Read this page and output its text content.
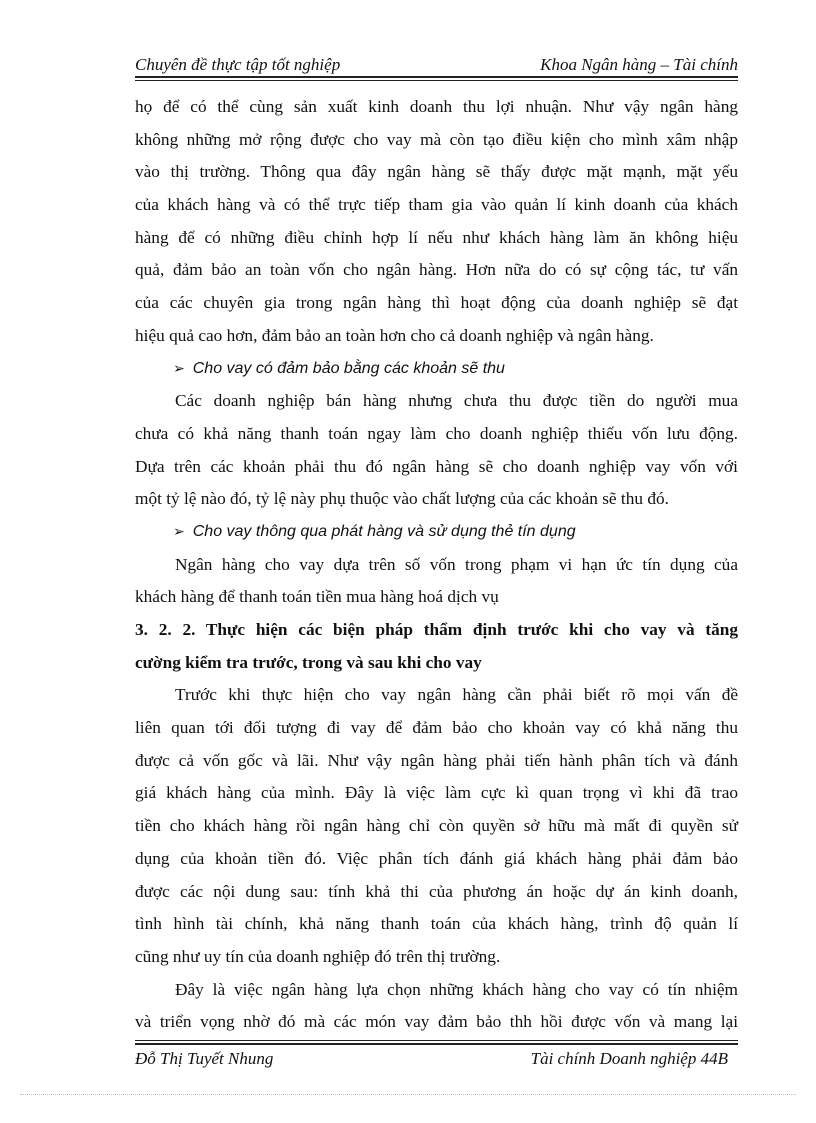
Chuyên đề thực tập tốt nghiệp	Khoa Ngân hàng – Tài chính
họ để có thể cùng sản xuất kinh doanh thu lợi nhuận. Như vậy ngân hàng
không những mở rộng được cho vay mà còn tạo điều kiện cho mình xâm nhập
vào thị trường. Thông qua đây ngân hàng sẽ thấy được mặt mạnh, mặt yếu
của khách hàng và có thể trực tiếp tham gia vào quản lí kinh doanh của khách
hàng để có những điều chỉnh hợp lí nếu như khách hàng làm ăn không hiệu
quả, đảm bảo an toàn vốn cho ngân hàng. Hơn nữa do có sự cộng tác, tư vấn
của các chuyên gia trong ngân hàng thì hoạt động của doanh nghiệp sẽ đạt
hiệu quả cao hơn, đảm bảo an toàn hơn cho cả doanh nghiệp và ngân hàng.
➢ Cho vay có đảm bảo bằng các khoản sẽ thu
Các doanh nghiệp bán hàng nhưng chưa thu được tiền do người mua
chưa có khả năng thanh toán ngay làm cho doanh nghiệp thiếu vốn lưu động.
Dựa trên các khoản phải thu đó ngân hàng sẽ cho doanh nghiệp vay vốn với
một tỷ lệ nào đó, tỷ lệ này phụ thuộc vào chất lượng của các khoản sẽ thu đó.
➢ Cho vay thông qua phát hàng và sử dụng thẻ tín dụng
Ngân hàng cho vay dựa trên số vốn trong phạm vi hạn ức tín dụng của
khách hàng để thanh toán tiền mua hàng hoá dịch vụ
3. 2. 2. Thực hiện các biện pháp thẩm định trước khi cho vay và tăng
cường kiểm tra trước, trong và sau khi cho vay
Trước khi thực hiện cho vay ngân hàng cần phải biết rõ mọi vấn đề
liên quan tới đối tượng đi vay để đảm bảo cho khoản vay có khả năng thu
được cả vốn gốc và lãi. Như vậy ngân hàng phải tiến hành phân tích và đánh
giá khách hàng của mình. Đây là việc làm cực kì quan trọng vì khi đã trao
tiền cho khách hàng rồi ngân hàng chỉ còn quyền sở hữu mà mất đi quyền sử
dụng của khoản tiền đó. Việc phân tích đánh giá khách hàng phải đảm bảo
được các nội dung sau: tính khả thi của phương án hoặc dự án kinh doanh,
tình hình tài chính, khả năng thanh toán của khách hàng, trình độ quản lí
cũng như uy tín của doanh nghiệp đó trên thị trường.
Đây là việc ngân hàng lựa chọn những khách hàng cho vay có tín nhiệm
và triển vọng nhờ đó mà các món vay đảm bảo thh hồi được vốn và mang lại
Đỗ Thị Tuyết Nhung	Tài chính Doanh nghiệp 44B
